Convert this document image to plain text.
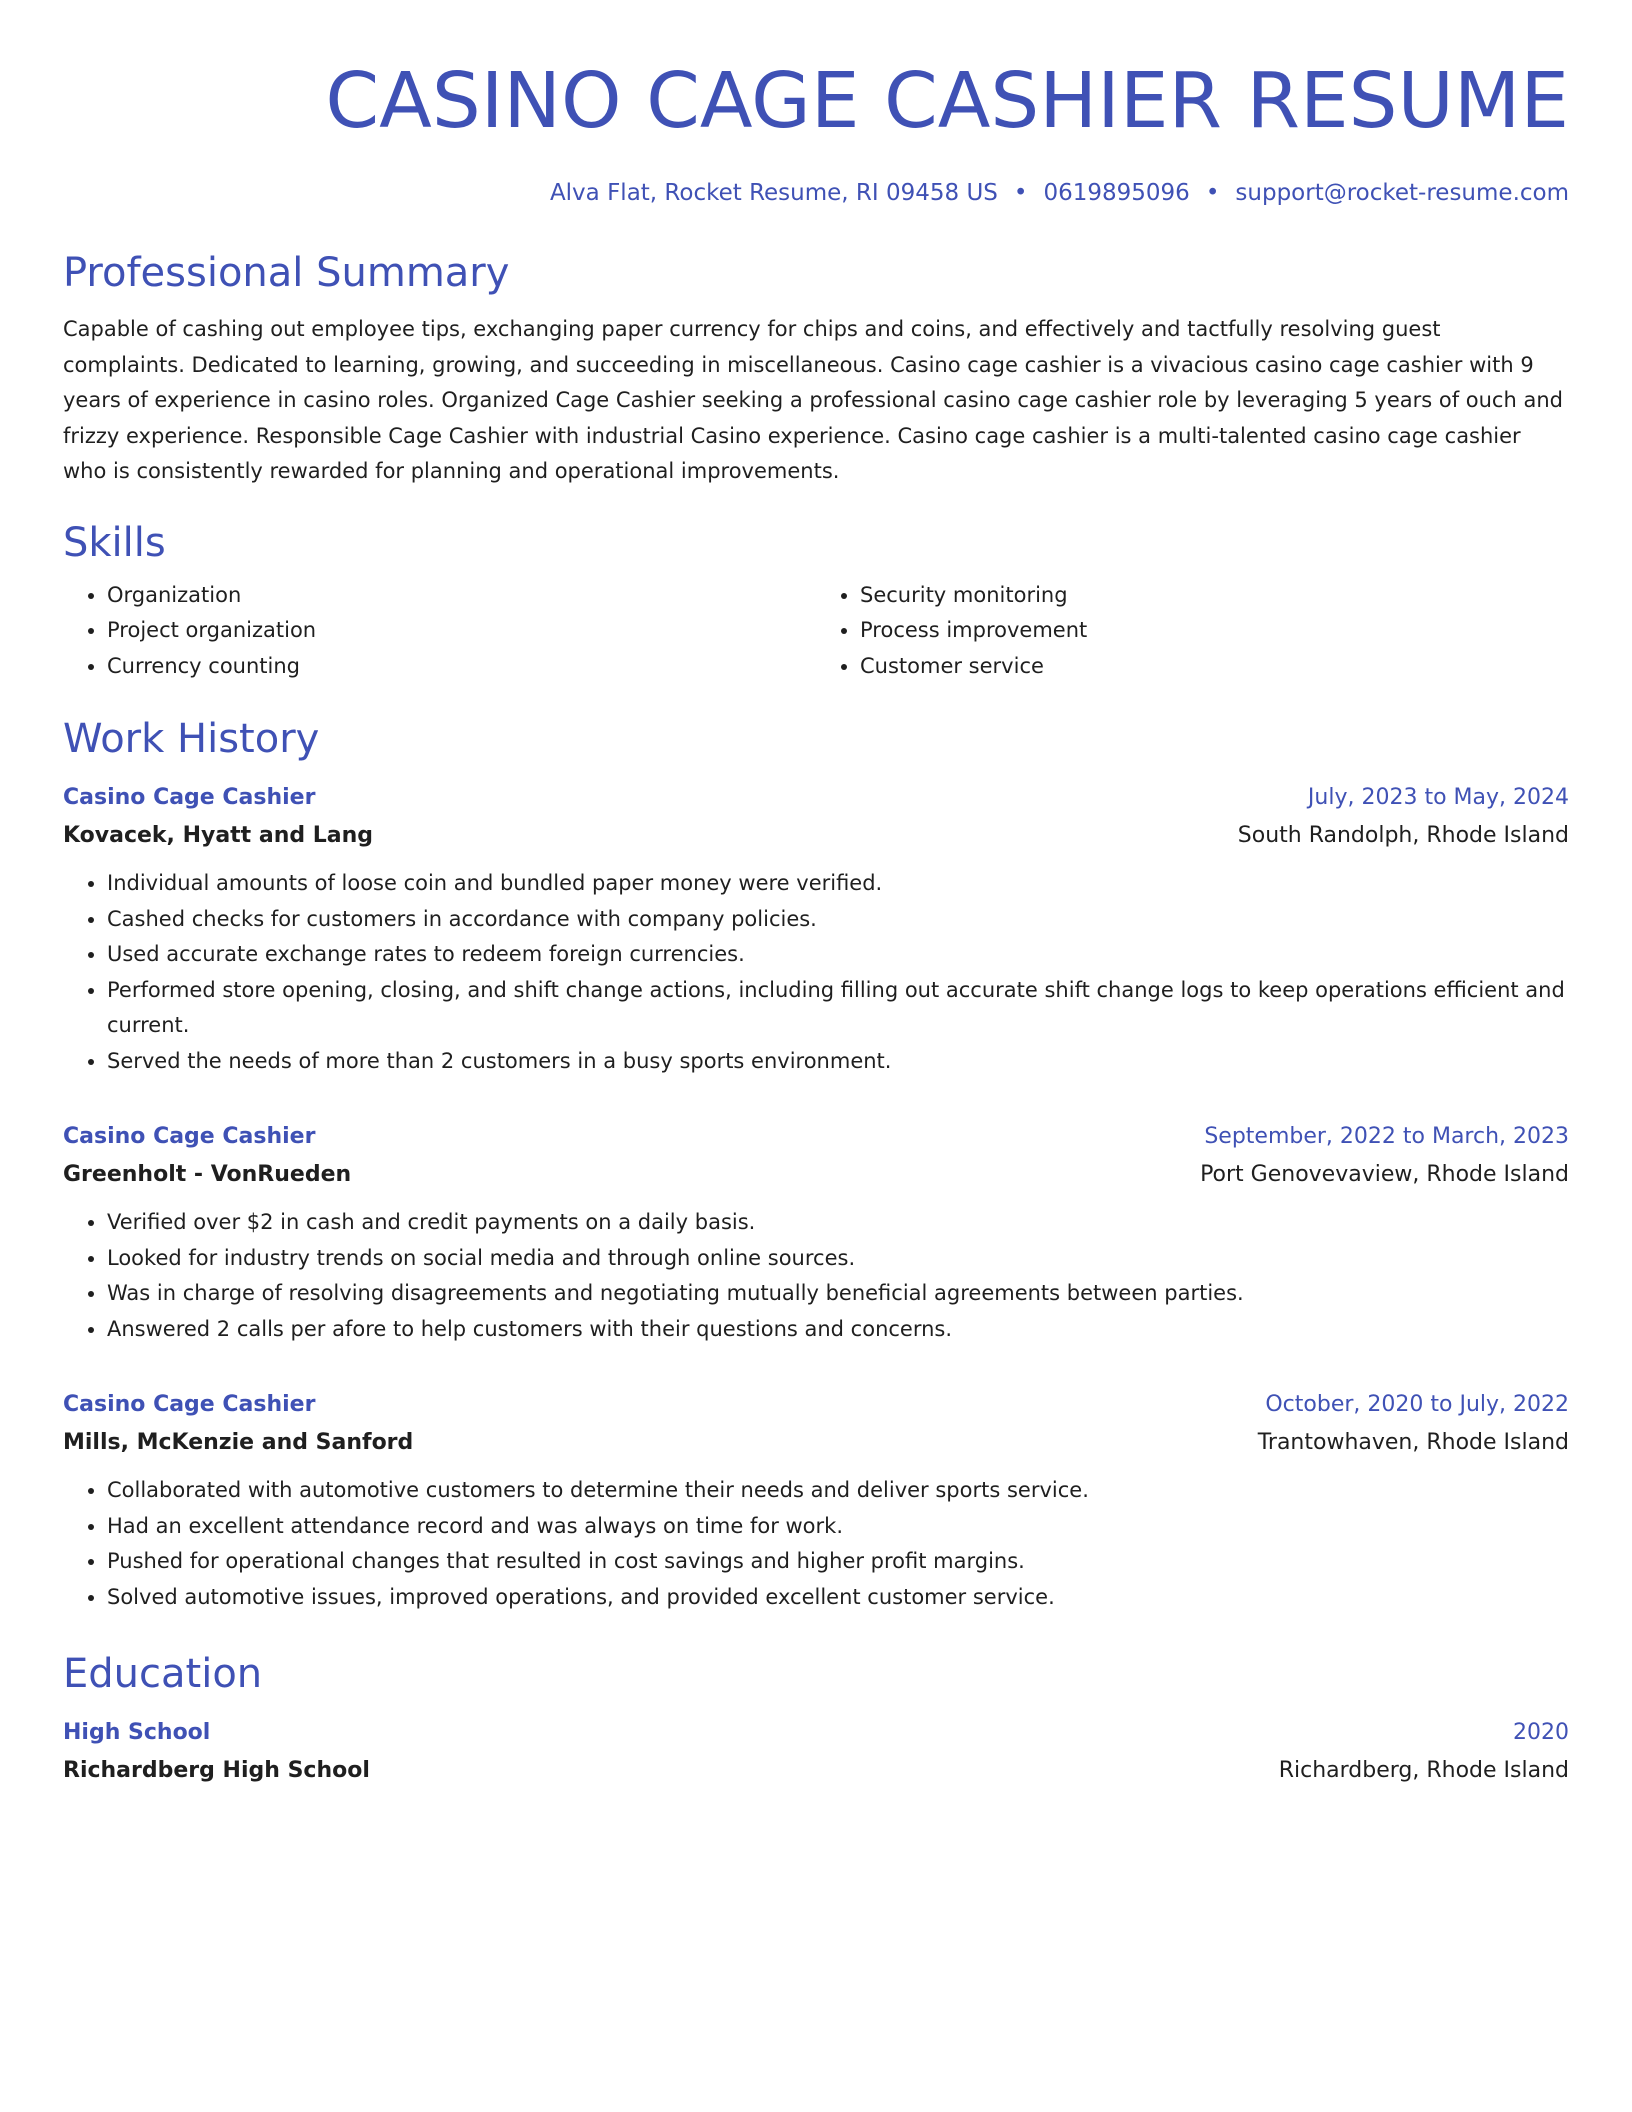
CASINO CAGE CASHIER RESUME
Alva Flat, Rocket Resume, RI 09458 US • 0619895096 • support@rocket-resume.com
Professional Summary
Capable of cashing out employee tips, exchanging paper currency for chips and coins, and effectively and tactfully resolving guest complaints. Dedicated to learning, growing, and succeeding in miscellaneous. Casino cage cashier is a vivacious casino cage cashier with 9 years of experience in casino roles. Organized Cage Cashier seeking a professional casino cage cashier role by leveraging 5 years of ouch and frizzy experience. Responsible Cage Cashier with industrial Casino experience. Casino cage cashier is a multi-talented casino cage cashier who is consistently rewarded for planning and operational improvements.
Skills
• Organization
• Project organization
• Currency counting
• Security monitoring
• Process improvement
• Customer service
Work History
Casino Cage Cashier	July, 2023 to May, 2024
Kovacek, Hyatt and Lang	South Randolph, Rhode Island
• Individual amounts of loose coin and bundled paper money were verified.
• Cashed checks for customers in accordance with company policies.
• Used accurate exchange rates to redeem foreign currencies.
• Performed store opening, closing, and shift change actions, including filling out accurate shift change logs to keep operations efficient and current.
• Served the needs of more than 2 customers in a busy sports environment.
Casino Cage Cashier	September, 2022 to March, 2023
Greenholt - VonRueden	Port Genovevaview, Rhode Island
• Verified over $2 in cash and credit payments on a daily basis.
• Looked for industry trends on social media and through online sources.
• Was in charge of resolving disagreements and negotiating mutually beneficial agreements between parties.
• Answered 2 calls per afore to help customers with their questions and concerns.
Casino Cage Cashier	October, 2020 to July, 2022
Mills, McKenzie and Sanford	Trantowhaven, Rhode Island
• Collaborated with automotive customers to determine their needs and deliver sports service.
• Had an excellent attendance record and was always on time for work.
• Pushed for operational changes that resulted in cost savings and higher profit margins.
• Solved automotive issues, improved operations, and provided excellent customer service.
Education
High School	2020
Richardberg High School	Richardberg, Rhode Island
